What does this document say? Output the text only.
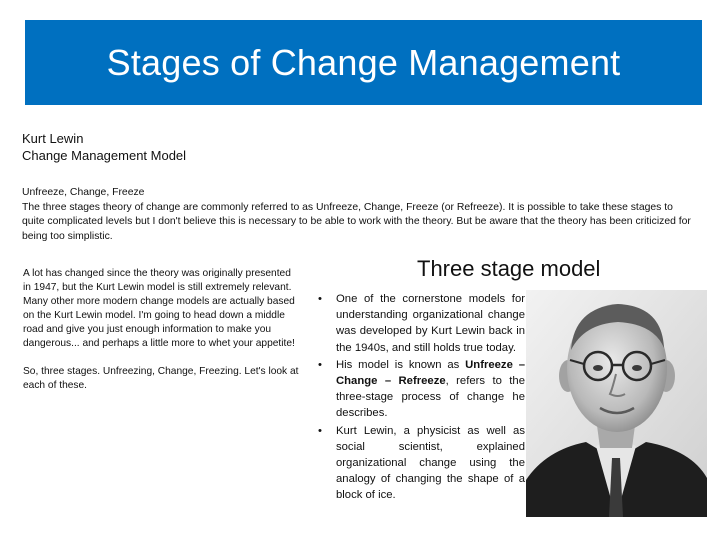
Stages of Change Management
Kurt Lewin
Change Management Model
Unfreeze, Change, Freeze
The three stages theory of change are commonly referred to as Unfreeze, Change, Freeze (or Refreeze). It is possible to take these stages to quite complicated levels but I don't believe this is necessary to be able to work with the theory. But be aware that the theory has been criticized for being too simplistic.

A lot has changed since the theory was originally presented in 1947, but the Kurt Lewin model is still extremely relevant. Many other more modern change models are actually based on the Kurt Lewin model. I'm going to head down a middle road and give you just enough information to make you dangerous... and perhaps a little more to whet your appetite!

So, three stages. Unfreezing, Change, Freezing. Let's look at each of these.

Three stage model
• One of the cornerstone models for understanding organizational change was developed by Kurt Lewin back in the 1940s, and still holds true today.
• His model is known as Unfreeze – Change – Refreeze, refers to the three-stage process of change he describes.
• Kurt Lewin, a physicist as well as social scientist, explained organizational change using the analogy of changing the shape of a block of ice.
